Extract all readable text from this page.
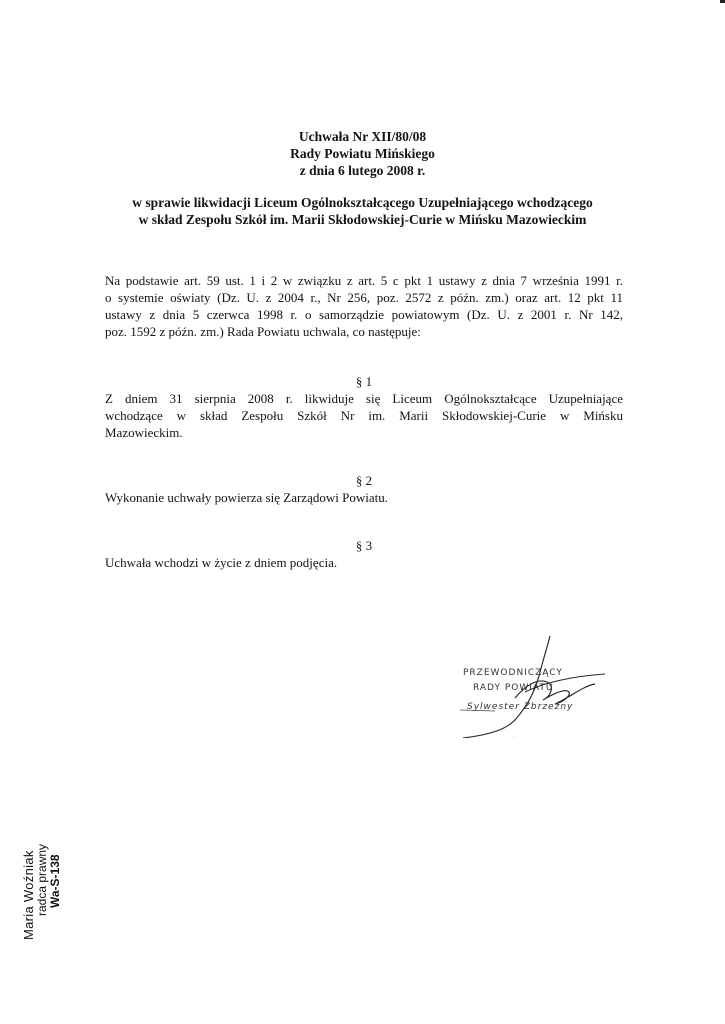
Uchwała Nr XII/80/08
Rady Powiatu Mińskiego
z dnia 6 lutego 2008 r.
w sprawie likwidacji Liceum Ogólnokształcącego Uzupełniającego wchodzącego
w skład Zespołu Szkół im. Marii Skłodowskiej-Curie w Mińsku Mazowieckim
Na podstawie art. 59 ust. 1 i 2 w związku z art. 5 c pkt 1 ustawy z dnia 7 września 1991 r.
o systemie oświaty (Dz. U. z 2004 r., Nr 256, poz. 2572 z późn. zm.) oraz art. 12 pkt 11
ustawy z dnia 5 czerwca 1998 r. o samorządzie powiatowym (Dz. U. z 2001 r. Nr 142,
poz. 1592 z późn. zm.) Rada Powiatu uchwala, co następuje:
§ 1
Z dniem 31 sierpnia 2008 r. likwiduje się Liceum Ogólnokształcące Uzupełniające
wchodzące w skład Zespołu Szkół Nr im. Marii Skłodowskiej-Curie w Mińsku
Mazowieckim.
§ 2
Wykonanie uchwały powierza się Zarządowi Powiatu.
§ 3
Uchwała wchodzi w życie z dniem podjęcia.
PRZEWODNICZĄCY
RADY POWIATU
Sylwester Zbrzezny
Maria Woźniak radca prawny Wa-S-138
